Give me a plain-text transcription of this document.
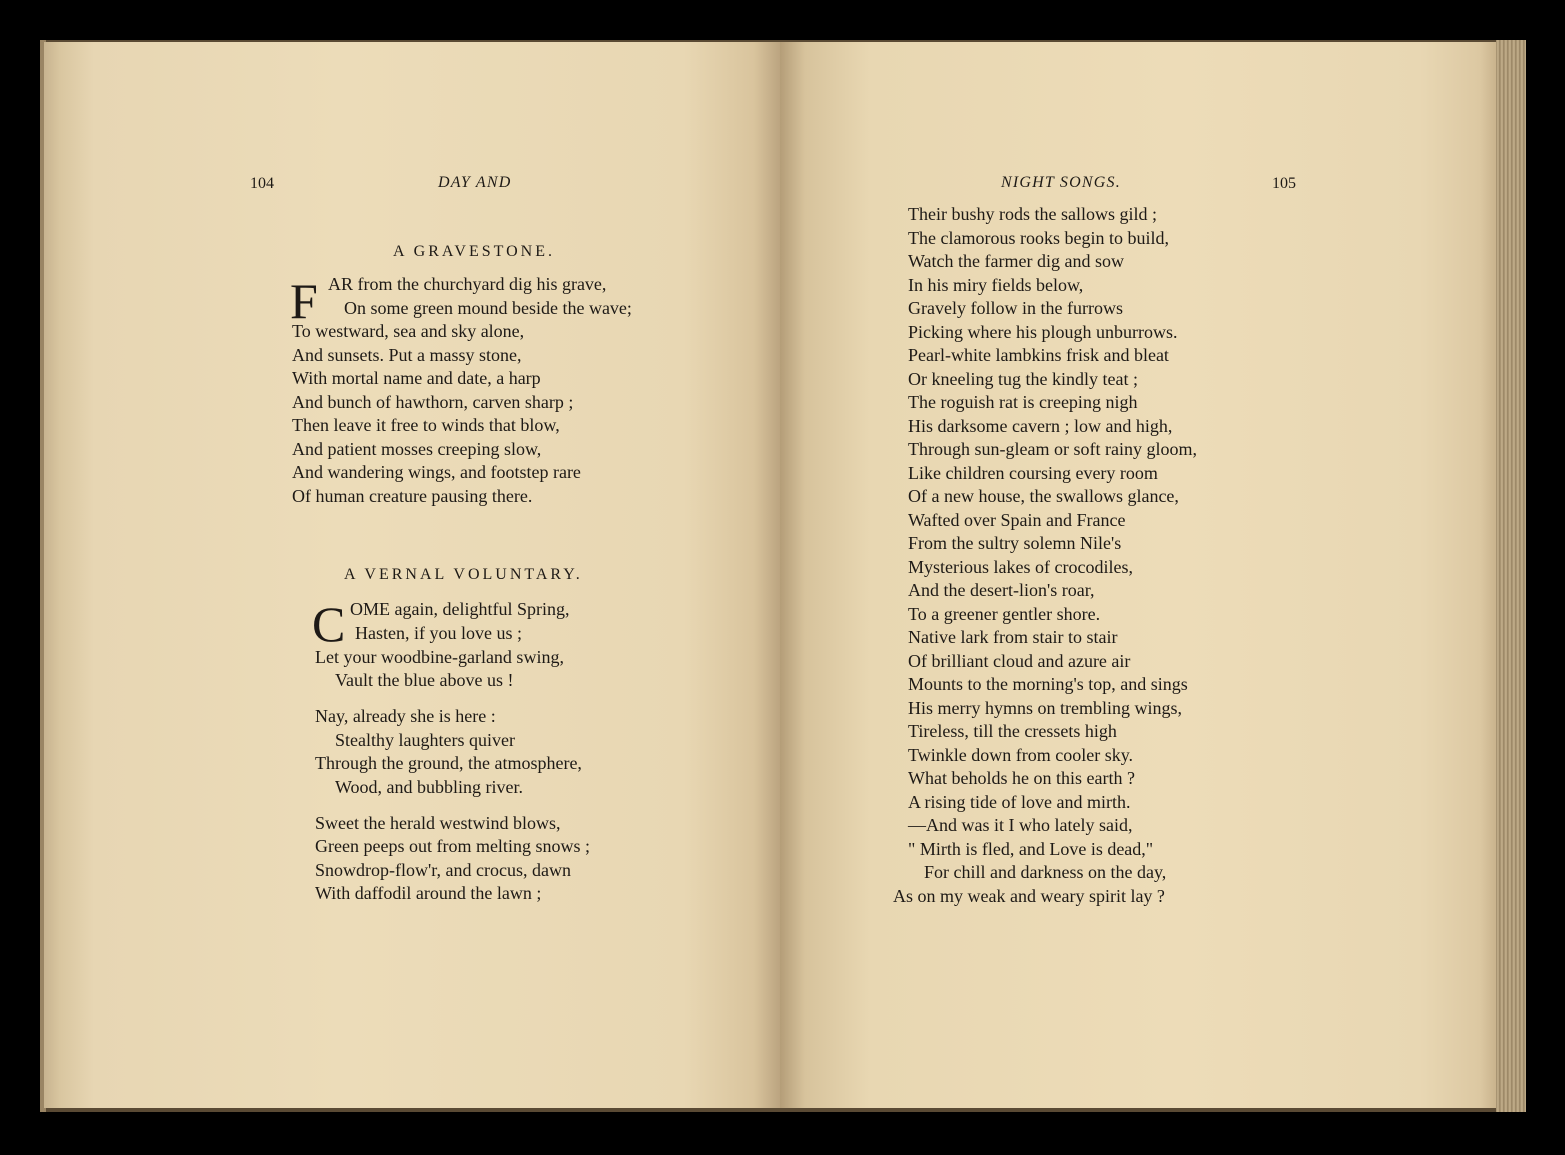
104	DAY AND
A GRAVESTONE.
F AR from the churchyard dig his grave,
On some green mound beside the wave;
To westward, sea and sky alone,
And sunsets. Put a massy stone,
With mortal name and date, a harp
And bunch of hawthorn, carven sharp ;
Then leave it free to winds that blow,
And patient mosses creeping slow,
And wandering wings, and footstep rare
Of human creature pausing there.
A VERNAL VOLUNTARY.
C OME again, delightful Spring,
Hasten, if you love us ;
Let your woodbine-garland swing,
Vault the blue above us !
Nay, already she is here :
Stealthy laughters quiver
Through the ground, the atmosphere,
Wood, and bubbling river.
Sweet the herald westwind blows,
Green peeps out from melting snows ;
Snowdrop-flow'r, and crocus, dawn
With daffodil around the lawn ;
NIGHT SONGS.	105
Their bushy rods the sallows gild ;
The clamorous rooks begin to build,
Watch the farmer dig and sow
In his miry fields below,
Gravely follow in the furrows
Picking where his plough unburrows.
Pearl-white lambkins frisk and bleat
Or kneeling tug the kindly teat ;
The roguish rat is creeping nigh
His darksome cavern ; low and high,
Through sun-gleam or soft rainy gloom,
Like children coursing every room
Of a new house, the swallows glance,
Wafted over Spain and France
From the sultry solemn Nile's
Mysterious lakes of crocodiles,
And the desert-lion's roar,
To a greener gentler shore.
Native lark from stair to stair
Of brilliant cloud and azure air
Mounts to the morning's top, and sings
His merry hymns on trembling wings,
Tireless, till the cressets high
Twinkle down from cooler sky.
What beholds he on this earth ?
A rising tide of love and mirth.
—And was it I who lately said,
" Mirth is fled, and Love is dead,"
For chill and darkness on the day,
As on my weak and weary spirit lay ?
